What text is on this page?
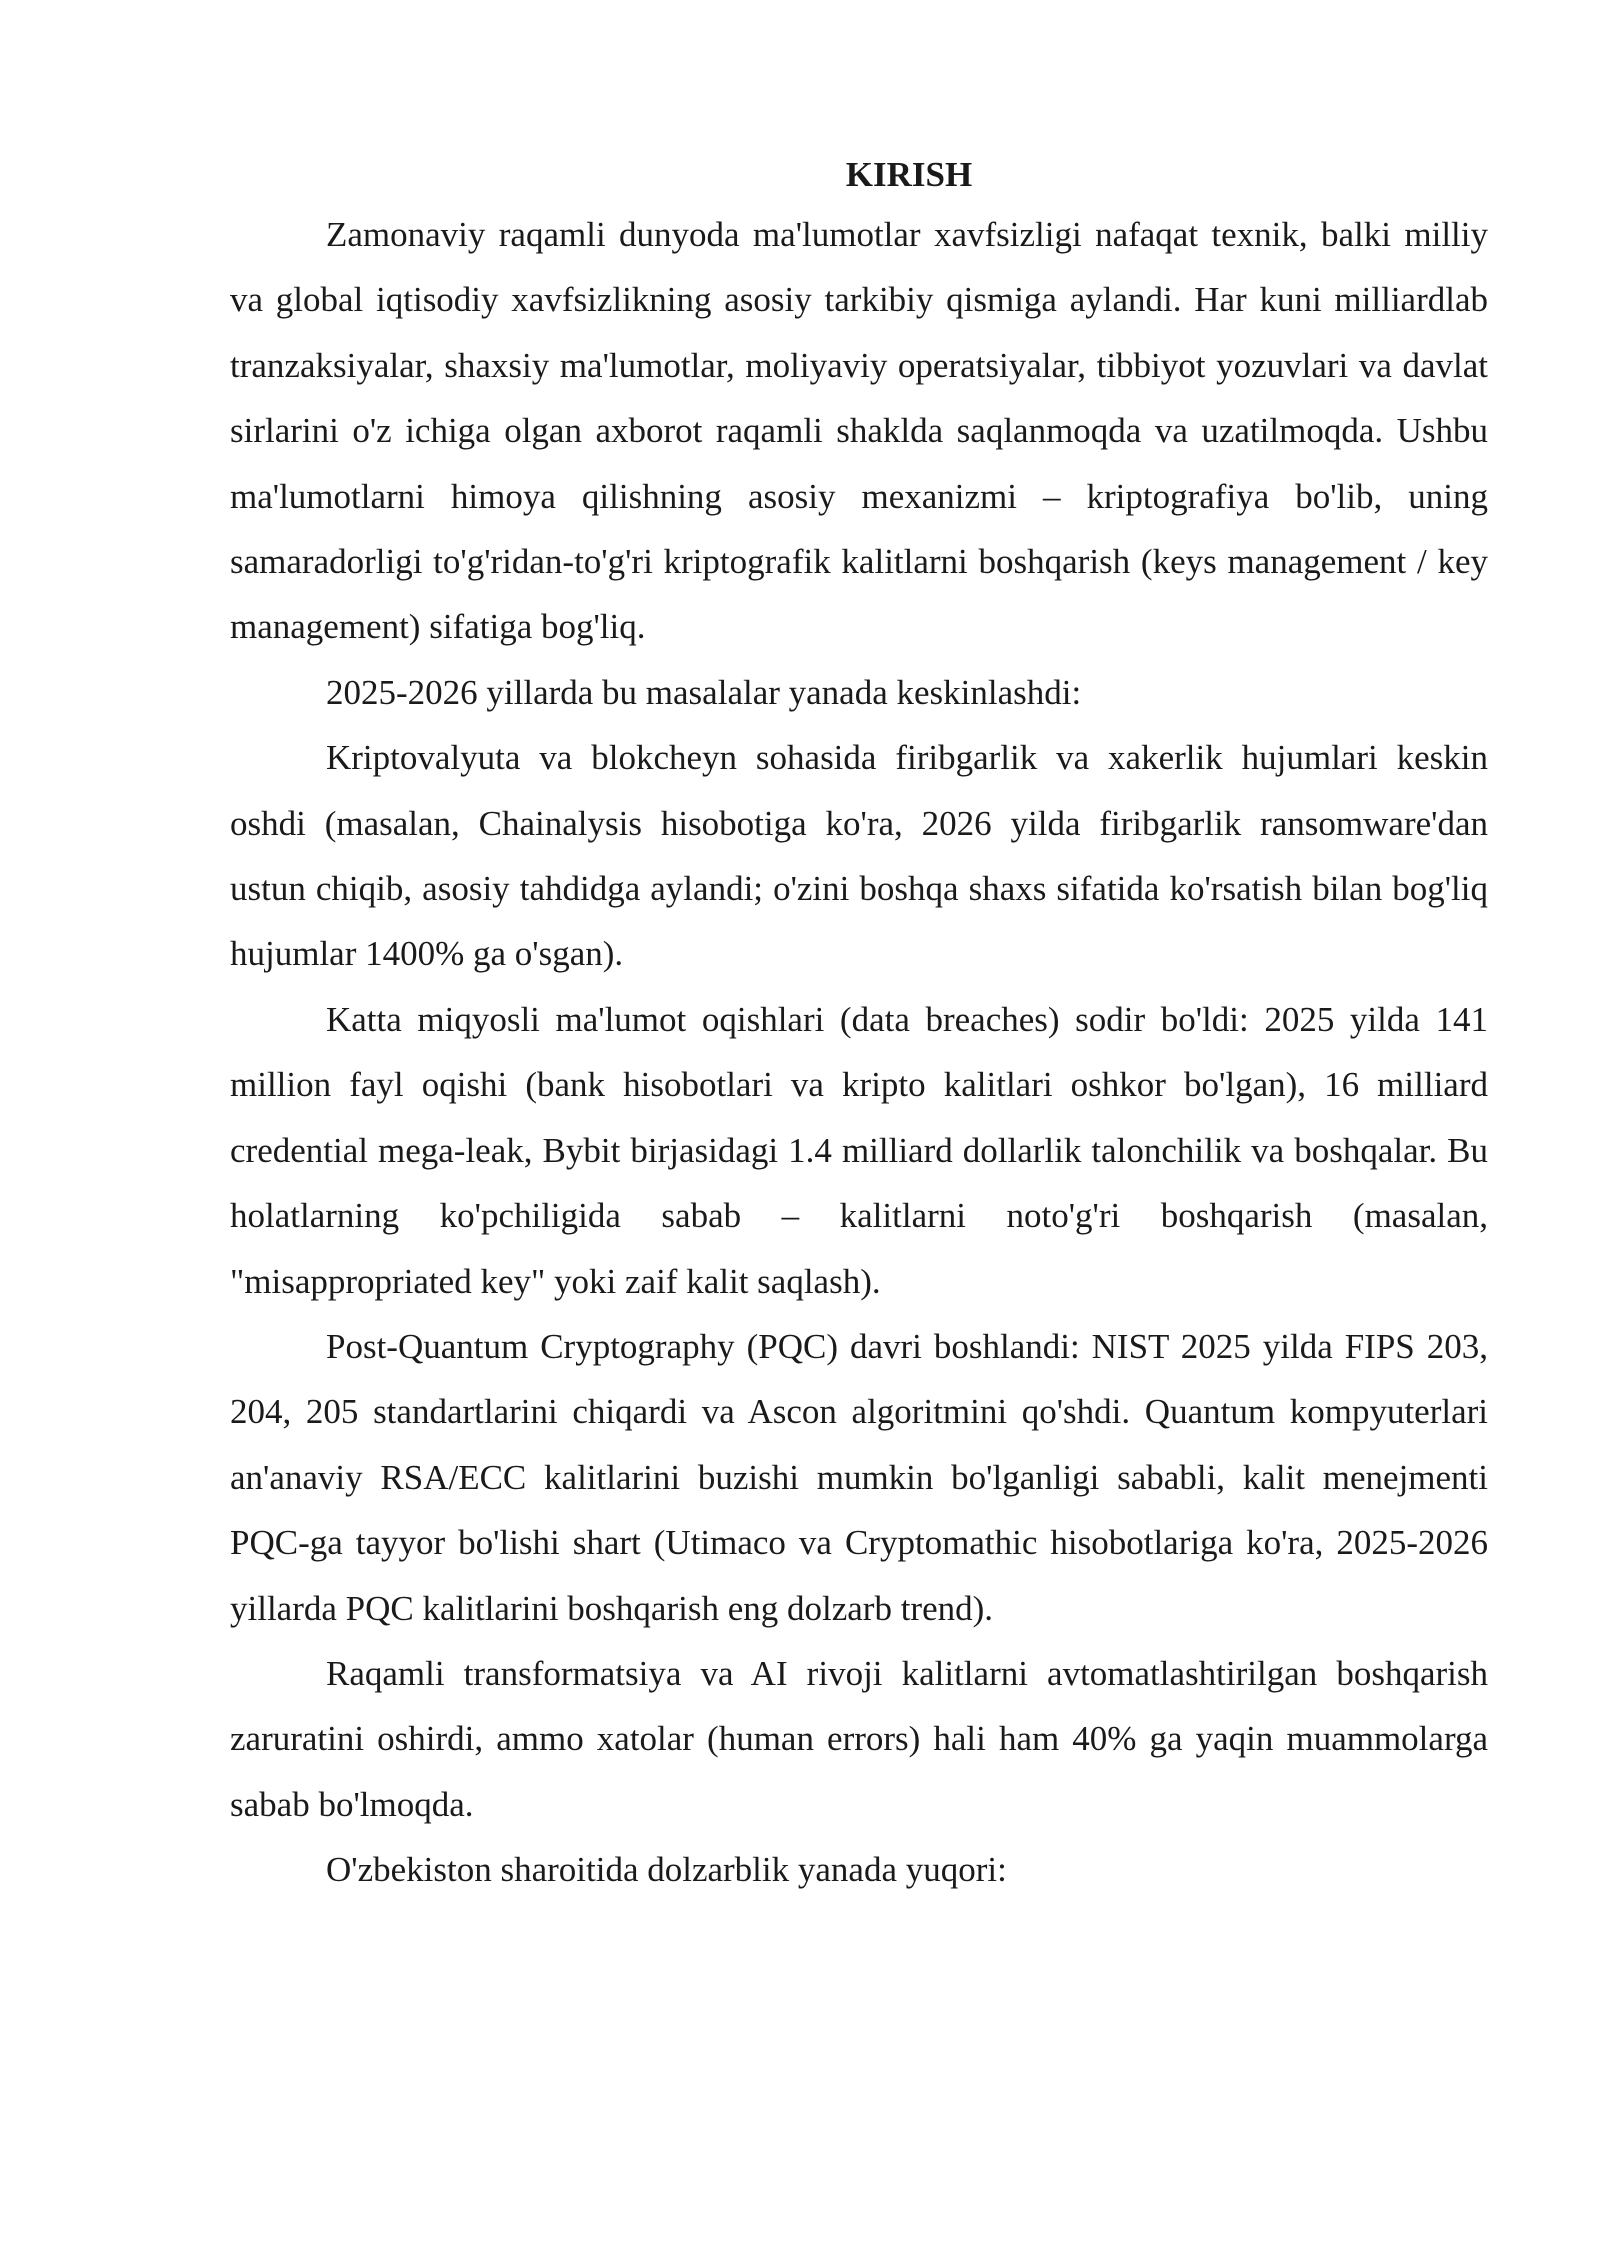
KIRISH

Zamonaviy raqamli dunyoda ma'lumotlar xavfsizligi nafaqat texnik, balki milliy va global iqtisodiy xavfsizlikning asosiy tarkibiy qismiga aylandi. Har kuni milliardlab tranzaksiyalar, shaxsiy ma'lumotlar, moliyaviy operatsiyalar, tibbiyot yozuvlari va davlat sirlarini o'z ichiga olgan axborot raqamli shaklda saqlanmoqda va uzatilmoqda. Ushbu ma'lumotlarni himoya qilishning asosiy mexanizmi – kriptografiya bo'lib, uning samaradorligi to'g'ridan-to'g'ri kriptografik kalitlarni boshqarish (keys management / key management) sifatiga bog'liq.

2025-2026 yillarda bu masalalar yanada keskinlashdi:

Kriptovalyuta va blokcheyn sohasida firibgarlik va xakerlik hujumlari keskin oshdi (masalan, Chainalysis hisobotiga ko'ra, 2026 yilda firibgarlik ransomware'dan ustun chiqib, asosiy tahdidga aylandi; o'zini boshqa shaxs sifatida ko'rsatish bilan bog'liq hujumlar 1400% ga o'sgan).

Katta miqyosli ma'lumot oqishlari (data breaches) sodir bo'ldi: 2025 yilda 141 million fayl oqishi (bank hisobotlari va kripto kalitlari oshkor bo'lgan), 16 milliard credential mega-leak, Bybit birjasidagi 1.4 milliard dollarlik talonchilik va boshqalar. Bu holatlarning ko'pchiligida sabab – kalitlarni noto'g'ri boshqarish (masalan, "misappropriated key" yoki zaif kalit saqlash).

Post-Quantum Cryptography (PQC) davri boshlandi: NIST 2025 yilda FIPS 203, 204, 205 standartlarini chiqardi va Ascon algoritmini qo'shdi. Quantum kompyuterlari an'anaviy RSA/ECC kalitlarini buzishi mumkin bo'lganligi sababli, kalit menejmenti PQC-ga tayyor bo'lishi shart (Utimaco va Cryptomathic hisobotlariga ko'ra, 2025-2026 yillarda PQC kalitlarini boshqarish eng dolzarb trend).

Raqamli transformatsiya va AI rivoji kalitlarni avtomatlashtirilgan boshqarish zaruratini oshirdi, ammo xatolar (human errors) hali ham 40% ga yaqin muammolarga sabab bo'lmoqda.

O'zbekiston sharoitida dolzarblik yanada yuqori:
